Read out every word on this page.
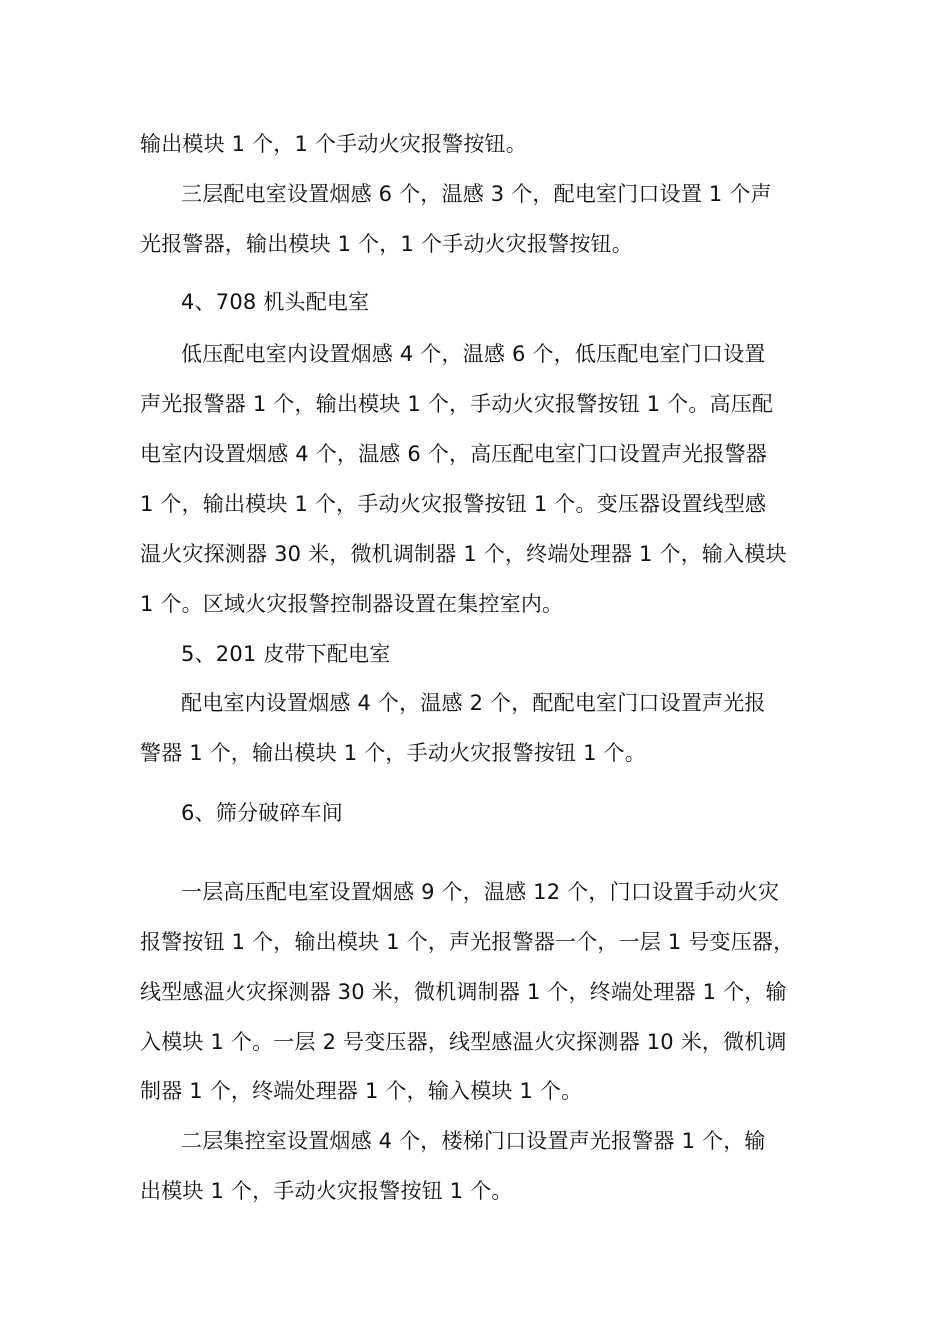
输出模块 1 个，1 个手动火灾报警按钮。
三层配电室设置烟感 6 个，温感 3 个，配电室门口设置 1 个声
光报警器，输出模块 1 个，1 个手动火灾报警按钮。
4、708 机头配电室
低压配电室内设置烟感 4 个，温感 6 个，低压配电室门口设置
声光报警器 1 个，输出模块 1 个，手动火灾报警按钮 1 个。高压配
电室内设置烟感 4 个，温感 6 个，高压配电室门口设置声光报警器
1 个，输出模块 1 个，手动火灾报警按钮 1 个。变压器设置线型感
温火灾探测器 30 米，微机调制器 1 个，终端处理器 1 个，输入模块
1 个。区域火灾报警控制器设置在集控室内。
5、201 皮带下配电室
配电室内设置烟感 4 个，温感 2 个，配配电室门口设置声光报
警器 1 个，输出模块 1 个，手动火灾报警按钮 1 个。
6、筛分破碎车间
一层高压配电室设置烟感 9 个，温感 12 个，门口设置手动火灾
报警按钮 1 个，输出模块 1 个，声光报警器一个，一层 1 号变压器，
线型感温火灾探测器 30 米，微机调制器 1 个，终端处理器 1 个，输
入模块 1 个。一层 2 号变压器，线型感温火灾探测器 10 米，微机调
制器 1 个，终端处理器 1 个，输入模块 1 个。
二层集控室设置烟感 4 个，楼梯门口设置声光报警器 1 个，输
出模块 1 个，手动火灾报警按钮 1 个。
